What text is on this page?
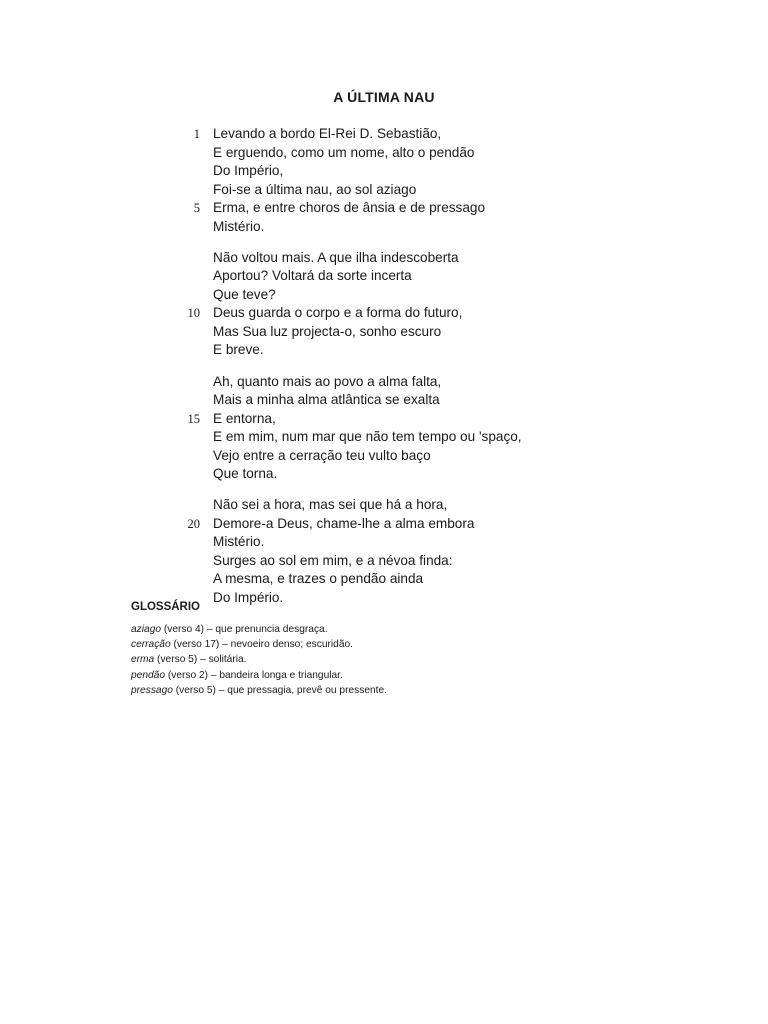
A ÚLTIMA NAU
1 Levando a bordo El-Rei D. Sebastião,
E erguendo, como um nome, alto o pendão
Do Império,
Foi-se a última nau, ao sol aziago
5 Erma, e entre choros de ânsia e de pressago
Mistério.
Não voltou mais. A que ilha indescoberta
Aportou? Voltará da sorte incerta
Que teve?
10 Deus guarda o corpo e a forma do futuro,
Mas Sua luz projecta-o, sonho escuro
E breve.
Ah, quanto mais ao povo a alma falta,
Mais a minha alma atlântica se exalta
15 E entorna,
E em mim, num mar que não tem tempo ou 'spaço,
Vejo entre a cerração teu vulto baço
Que torna.
Não sei a hora, mas sei que há a hora,
20 Demore-a Deus, chame-lhe a alma embora
Mistério.
Surges ao sol em mim, e a névoa finda:
A mesma, e trazes o pendão ainda
Do Império.
GLOSSÁRIO
aziago (verso 4) – que prenuncia desgraça.
cerração (verso 17) – nevoeiro denso; escuridão.
erma (verso 5) – solitária.
pendão (verso 2) – bandeira longa e triangular.
pressago (verso 5) – que pressagia, prevê ou pressente.
